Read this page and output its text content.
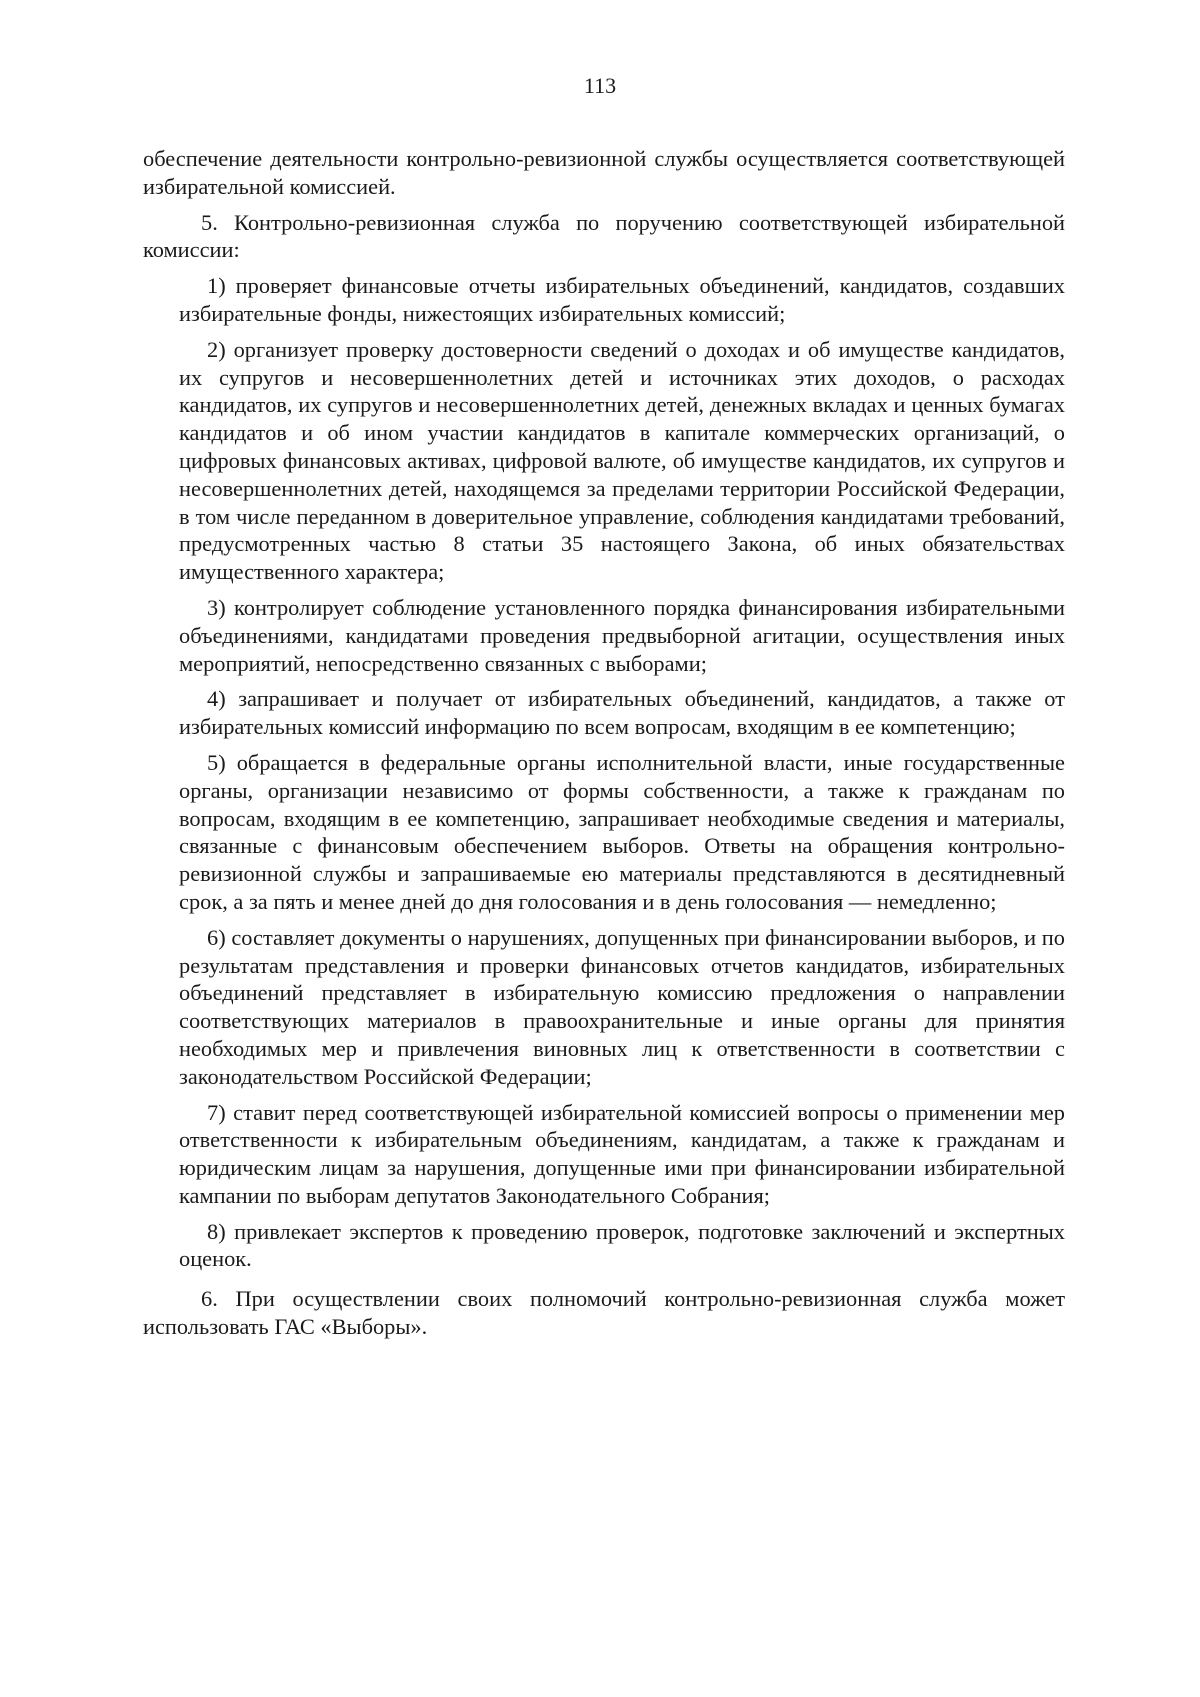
113

обеспечение деятельности контрольно-ревизионной службы осуществляется соответствующей избирательной комиссией.

5. Контрольно-ревизионная служба по поручению соответствующей избирательной комиссии:

1) проверяет финансовые отчеты избирательных объединений, кандидатов, создавших избирательные фонды, нижестоящих избирательных комиссий;

2) организует проверку достоверности сведений о доходах и об имуществе кандидатов, их супругов и несовершеннолетних детей и источниках этих доходов, о расходах кандидатов, их супругов и несовершеннолетних детей, денежных вкладах и ценных бумагах кандидатов и об ином участии кандидатов в капитале коммерческих организаций, о цифровых финансовых активах, цифровой валюте, об имуществе кандидатов, их супругов и несовершеннолетних детей, находящемся за пределами территории Российской Федерации, в том числе переданном в доверительное управление, соблюдения кандидатами требований, предусмотренных частью 8 статьи 35 настоящего Закона, об иных обязательствах имущественного характера;

3) контролирует соблюдение установленного порядка финансирования избирательными объединениями, кандидатами проведения предвыборной агитации, осуществления иных мероприятий, непосредственно связанных с выборами;

4) запрашивает и получает от избирательных объединений, кандидатов, а также от избирательных комиссий информацию по всем вопросам, входящим в ее компетенцию;

5) обращается в федеральные органы исполнительной власти, иные государственные органы, организации независимо от формы собственности, а также к гражданам по вопросам, входящим в ее компетенцию, запрашивает необходимые сведения и материалы, связанные с финансовым обеспечением выборов. Ответы на обращения контрольно-ревизионной службы и запрашиваемые ею материалы представляются в десятидневный срок, а за пять и менее дней до дня голосования и в день голосования — немедленно;

6) составляет документы о нарушениях, допущенных при финансировании выборов, и по результатам представления и проверки финансовых отчетов кандидатов, избирательных объединений представляет в избирательную комиссию предложения о направлении соответствующих материалов в правоохранительные и иные органы для принятия необходимых мер и привлечения виновных лиц к ответственности в соответствии с законодательством Российской Федерации;

7) ставит перед соответствующей избирательной комиссией вопросы о применении мер ответственности к избирательным объединениям, кандидатам, а также к гражданам и юридическим лицам за нарушения, допущенные ими при финансировании избирательной кампании по выборам депутатов Законодательного Собрания;

8) привлекает экспертов к проведению проверок, подготовке заключений и экспертных оценок.

6. При осуществлении своих полномочий контрольно-ревизионная служба может использовать ГАС «Выборы».
